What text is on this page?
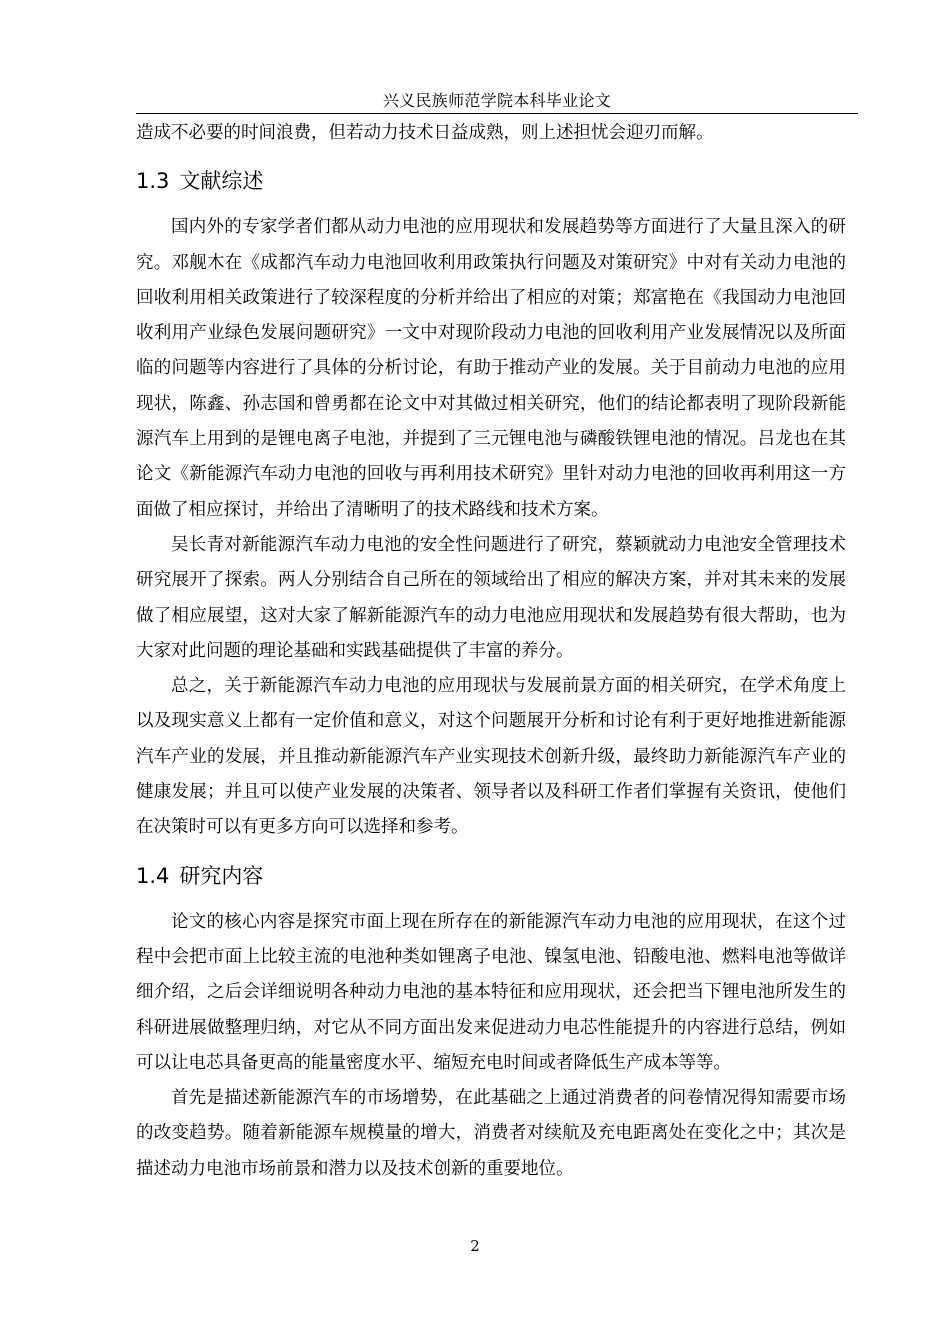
兴义民族师范学院本科毕业论文

造成不必要的时间浪费，但若动力技术日益成熟，则上述担忧会迎刃而解。

1.3 文献综述

国内外的专家学者们都从动力电池的应用现状和发展趋势等方面进行了大量且深入的研究。邓舰木在《成都汽车动力电池回收利用政策执行问题及对策研究》中对有关动力电池的回收利用相关政策进行了较深程度的分析并给出了相应的对策；郑富艳在《我国动力电池回收利用产业绿色发展问题研究》一文中对现阶段动力电池的回收利用产业发展情况以及所面临的问题等内容进行了具体的分析讨论，有助于推动产业的发展。关于目前动力电池的应用现状，陈鑫、孙志国和曾勇都在论文中对其做过相关研究，他们的结论都表明了现阶段新能源汽车上用到的是锂电离子电池，并提到了三元锂电池与磷酸铁锂电池的情况。吕龙也在其论文《新能源汽车动力电池的回收与再利用技术研究》里针对动力电池的回收再利用这一方面做了相应探讨，并给出了清晰明了的技术路线和技术方案。

吴长青对新能源汽车动力电池的安全性问题进行了研究，蔡颖就动力电池安全管理技术研究展开了探索。两人分别结合自己所在的领域给出了相应的解决方案，并对其未来的发展做了相应展望，这对大家了解新能源汽车的动力电池应用现状和发展趋势有很大帮助，也为大家对此问题的理论基础和实践基础提供了丰富的养分。

总之，关于新能源汽车动力电池的应用现状与发展前景方面的相关研究，在学术角度上以及现实意义上都有一定价值和意义，对这个问题展开分析和讨论有利于更好地推进新能源汽车产业的发展，并且推动新能源汽车产业实现技术创新升级，最终助力新能源汽车产业的健康发展；并且可以使产业发展的决策者、领导者以及科研工作者们掌握有关资讯，使他们在决策时可以有更多方向可以选择和参考。

1.4 研究内容

论文的核心内容是探究市面上现在所存在的新能源汽车动力电池的应用现状，在这个过程中会把市面上比较主流的电池种类如锂离子电池、镍氢电池、铅酸电池、燃料电池等做详细介绍，之后会详细说明各种动力电池的基本特征和应用现状，还会把当下锂电池所发生的科研进展做整理归纳，对它从不同方面出发来促进动力电芯性能提升的内容进行总结，例如可以让电芯具备更高的能量密度水平、缩短充电时间或者降低生产成本等等。

首先是描述新能源汽车的市场增势，在此基础之上通过消费者的问卷情况得知需要市场的改变趋势。随着新能源车规模量的增大，消费者对续航及充电距离处在变化之中；其次是描述动力电池市场前景和潜力以及技术创新的重要地位。

2
